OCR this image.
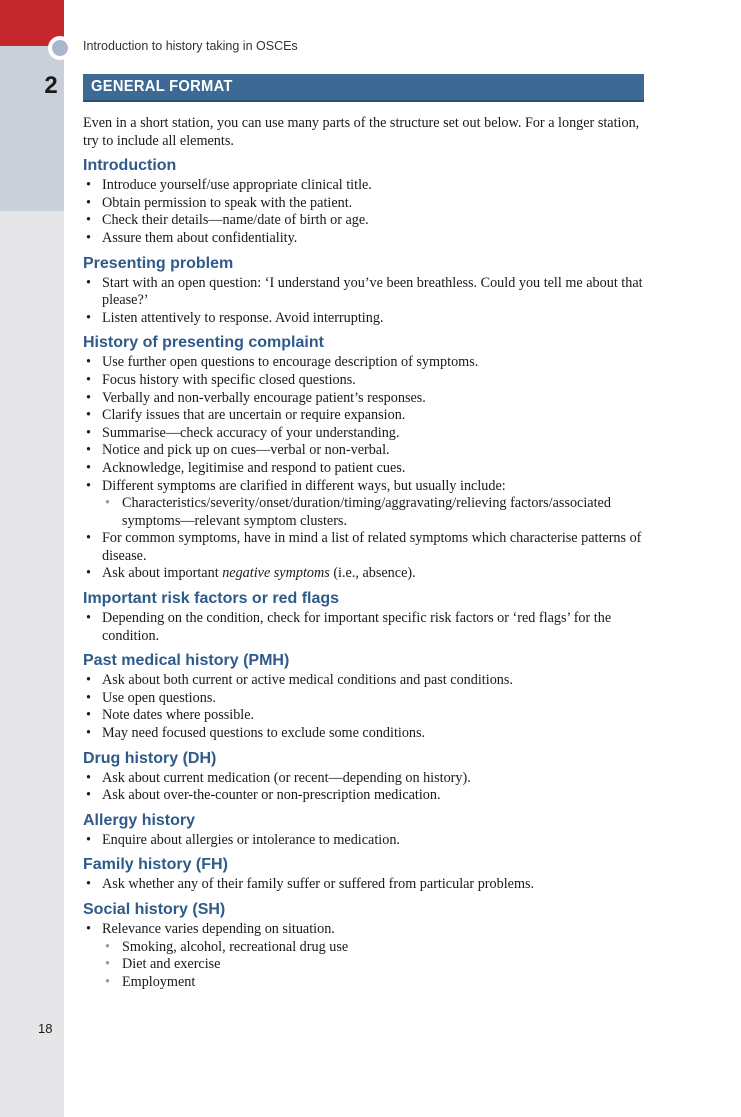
2
18
Introduction to history taking in OSCEs
GENERAL FORMAT

Even in a short station, you can use many parts of the structure set out below. For a longer station, try to include all elements.

Introduction
• Introduce yourself/use appropriate clinical title.
• Obtain permission to speak with the patient.
• Check their details—name/date of birth or age.
• Assure them about confidentiality.
Presenting problem
• Start with an open question: ‘I understand you’ve been breathless. Could you tell me about that please?’
• Listen attentively to response. Avoid interrupting.
History of presenting complaint
• Use further open questions to encourage description of symptoms.
• Focus history with specific closed questions.
• Verbally and non-verbally encourage patient’s responses.
• Clarify issues that are uncertain or require expansion.
• Summarise—check accuracy of your understanding.
• Notice and pick up on cues—verbal or non-verbal.
• Acknowledge, legitimise and respond to patient cues.
• Different symptoms are clarified in different ways, but usually include:
• Characteristics/severity/onset/duration/timing/aggravating/relieving factors/associated symptoms—relevant symptom clusters.
• For common symptoms, have in mind a list of related symptoms which characterise patterns of disease.
• Ask about important negative symptoms (i.e., absence).
Important risk factors or red flags
• Depending on the condition, check for important specific risk factors or ‘red flags’ for the condition.
Past medical history (PMH)
• Ask about both current or active medical conditions and past conditions.
• Use open questions.
• Note dates where possible.
• May need focused questions to exclude some conditions.
Drug history (DH)
• Ask about current medication (or recent—depending on history).
• Ask about over-the-counter or non-prescription medication.
Allergy history
• Enquire about allergies or intolerance to medication.
Family history (FH)
• Ask whether any of their family suffer or suffered from particular problems.
Social history (SH)
• Relevance varies depending on situation.
• Smoking, alcohol, recreational drug use
• Diet and exercise
• Employment
